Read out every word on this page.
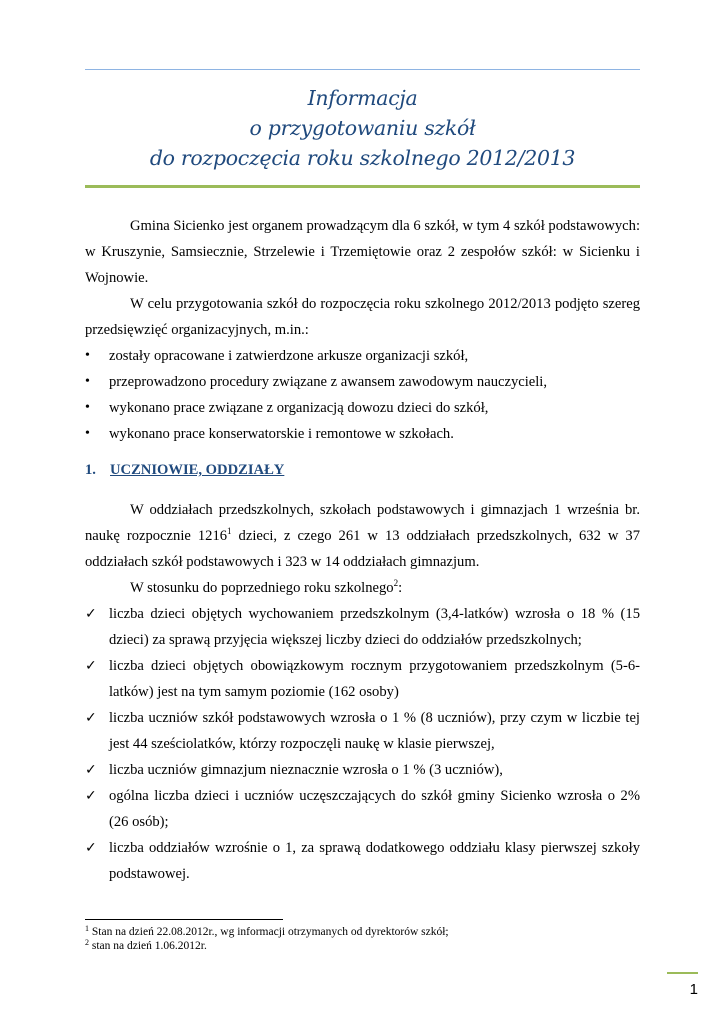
Informacja
o przygotowaniu szkół
do rozpoczęcia roku szkolnego 2012/2013

Gmina Sicienko jest organem prowadzącym dla 6 szkół, w tym 4 szkół podstawowych: w Kruszynie, Samsiecznie, Strzelewie i Trzemiętowie oraz 2 zespołów szkół: w Sicienku i Wojnowie.

W celu przygotowania szkół do rozpoczęcia roku szkolnego 2012/2013 podjęto szereg przedsięwzięć organizacyjnych, m.in.:

• zostały opracowane i zatwierdzone arkusze organizacji szkół,
• przeprowadzono procedury związane z awansem zawodowym nauczycieli,
• wykonano prace związane z organizacją dowozu dzieci do szkół,
• wykonano prace konserwatorskie i remontowe w szkołach.
1. UCZNIOWIE, ODDZIAŁY

W oddziałach przedszkolnych, szkołach podstawowych i gimnazjach 1 września br. naukę rozpocznie 1216$^1$ dzieci, z czego 261 w 13 oddziałach przedszkolnych, 632 w 37 oddziałach szkół podstawowych i 323 w 14 oddziałach gimnazjum.

W stosunku do poprzedniego roku szkolnego$^2$:

✓ liczba dzieci objętych wychowaniem przedszkolnym (3,4-latków) wzrosła o 18 % (15 dzieci) za sprawą przyjęcia większej liczby dzieci do oddziałów przedszkolnych;
✓ liczba dzieci objętych obowiązkowym rocznym przygotowaniem przedszkolnym (5-6-latków) jest na tym samym poziomie (162 osoby)
✓ liczba uczniów szkół podstawowych wzrosła o 1 % (8 uczniów), przy czym w liczbie tej jest 44 sześciolatków, którzy rozpoczęli naukę w klasie pierwszej,
✓ liczba uczniów gimnazjum nieznacznie wzrosła o 1 % (3 uczniów),
✓ ogólna liczba dzieci i uczniów uczęszczających do szkół gminy Sicienko wzrosła o 2% (26 osób);
✓ liczba oddziałów wzrośnie o 1, za sprawą dodatkowego oddziału klasy pierwszej szkoły podstawowej.
$^1$ Stan na dzień 22.08.2012r., wg informacji otrzymanych od dyrektorów szkół;
$^2$ stan na dzień 1.06.2012r.
1
